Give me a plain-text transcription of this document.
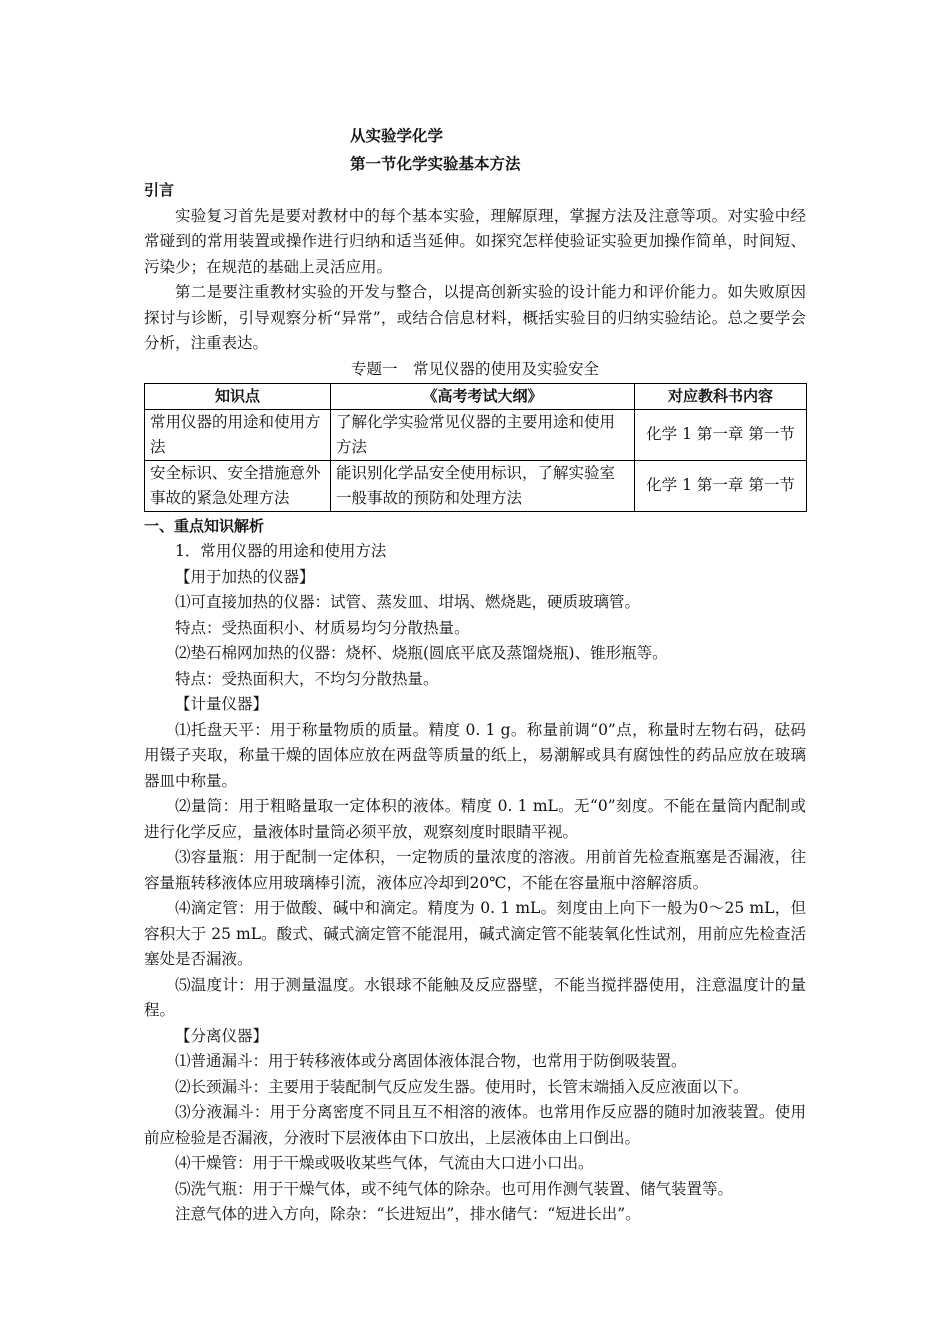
从实验学化学
第一节化学实验基本方法
引言

实验复习首先是要对教材中的每个基本实验，理解原理，掌握方法及注意等项。对实验中经常碰到的常用装置或操作进行归纳和适当延伸。如探究怎样使验证实验更加操作简单，时间短、污染少；在规范的基础上灵活应用。

第二是要注重教材实验的开发与整合，以提高创新实验的设计能力和评价能力。如失败原因探讨与诊断，引导观察分析“异常”，或结合信息材料，概括实验目的归纳实验结论。总之要学会分析，注重表达。

专题一　常见仪器的使用及实验安全
知识点	《高考考试大纲》	对应教科书内容
常用仪器的用途和使用方法	了解化学实验常见仪器的主要用途和使用方法	化学 1 第一章 第一节
安全标识、安全措施意外事故的紧急处理方法	能识别化学品安全使用标识，了解实验室一般事故的预防和处理方法	化学 1 第一章 第一节
一、重点知识解析
1．常用仪器的用途和使用方法
【用于加热的仪器】
⑴可直接加热的仪器：试管、蒸发皿、坩埚、燃烧匙，硬质玻璃管。
特点：受热面积小、材质易均匀分散热量。
⑵垫石棉网加热的仪器：烧杯、烧瓶(圆底平底及蒸馏烧瓶)、锥形瓶等。
特点：受热面积大，不均匀分散热量。
【计量仪器】

⑴托盘天平：用于称量物质的质量。精度 0. 1 g。称量前调“0”点，称量时左物右码，砝码用镊子夹取，称量干燥的固体应放在两盘等质量的纸上，易潮解或具有腐蚀性的药品应放在玻璃器皿中称量。

⑵量筒：用于粗略量取一定体积的液体。精度 0. 1 mL。无“0”刻度。不能在量筒内配制或进行化学反应，量液体时量筒必须平放，观察刻度时眼睛平视。

⑶容量瓶：用于配制一定体积，一定物质的量浓度的溶液。用前首先检查瓶塞是否漏液，往容量瓶转移液体应用玻璃棒引流，液体应冷却到20℃，不能在容量瓶中溶解溶质。

⑷滴定管：用于做酸、碱中和滴定。精度为 0. 1 mL。刻度由上向下一般为0～25 mL，但容积大于 25 mL。酸式、碱式滴定管不能混用，碱式滴定管不能装氧化性试剂，用前应先检查活塞处是否漏液。

⑸温度计：用于测量温度。水银球不能触及反应器壁，不能当搅拌器使用，注意温度计的量程。

【分离仪器】

⑴普通漏斗：用于转移液体或分离固体液体混合物，也常用于防倒吸装置。

⑵长颈漏斗：主要用于装配制气反应发生器。使用时，长管末端插入反应液面以下。

⑶分液漏斗：用于分离密度不同且互不相溶的液体。也常用作反应器的随时加液装置。使用前应检验是否漏液，分液时下层液体由下口放出，上层液体由上口倒出。

⑷干燥管：用于干燥或吸收某些气体，气流由大口进小口出。

⑸洗气瓶：用于干燥气体，或不纯气体的除杂。也可用作测气装置、储气装置等。

注意气体的进入方向，除杂：“长进短出”，排水储气：“短进长出”。
